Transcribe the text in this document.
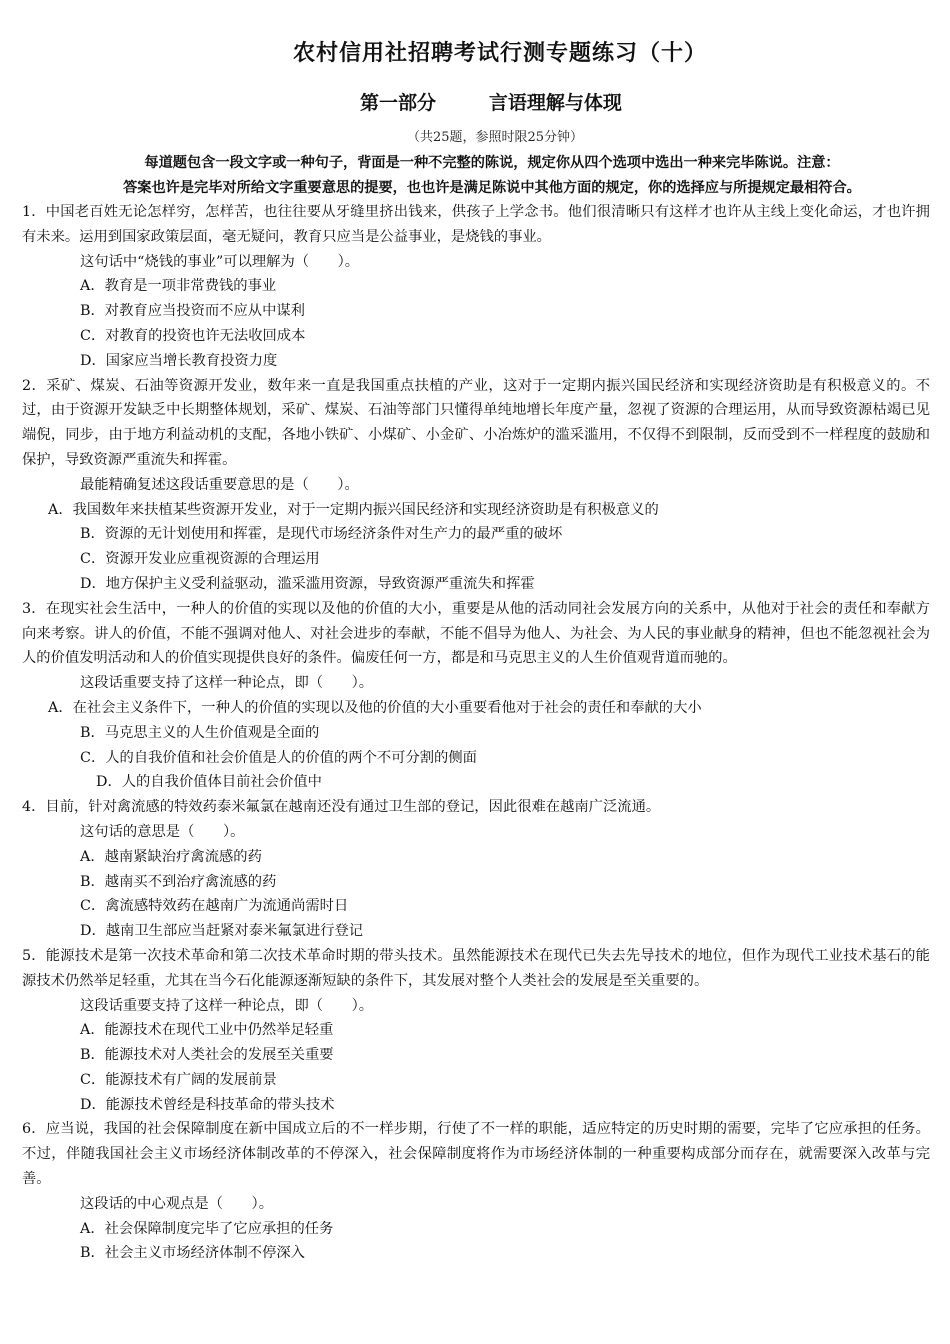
农村信用社招聘考试行测专题练习（十）
第一部分        言语理解与体现
（共25题，参照时限25分钟）
每道题包含一段文字或一种句子，背面是一种不完整的陈说，规定你从四个选项中选出一种来完毕陈说。注意：
答案也许是完毕对所给文字重要意思的提要，也也许是满足陈说中其他方面的规定，你的选择应与所提规定最相符合。
1．中国老百姓无论怎样穷，怎样苦，也往往要从牙缝里挤出钱来，供孩子上学念书。他们很清晰只有这样才也许从主线上变化命运，才也许拥有未来。运用到国家政策层面，毫无疑问，教育只应当是公益事业，是烧钱的事业。
这句话中“烧钱的事业”可以理解为（　　）。
A．教育是一项非常费钱的事业
B．对教育应当投资而不应从中谋利
C．对教育的投资也许无法收回成本
D．国家应当增长教育投资力度
2．采矿、煤炭、石油等资源开发业，数年来一直是我国重点扶植的产业，这对于一定期内振兴国民经济和实现经济资助是有积极意义的。不过，由于资源开发缺乏中长期整体规划，采矿、煤炭、石油等部门只懂得单纯地增长年度产量，忽视了资源的合理运用，从而导致资源枯竭已见端倪，同步，由于地方利益动机的支配，各地小铁矿、小煤矿、小金矿、小冶炼炉的滥采滥用，不仅得不到限制，反而受到不一样程度的鼓励和保护，导致资源严重流失和挥霍。
最能精确复述这段话重要意思的是（　　）。
A．我国数年来扶植某些资源开发业，对于一定期内振兴国民经济和实现经济资助是有积极意义的
B．资源的无计划使用和挥霍，是现代市场经济条件对生产力的最严重的破坏
C．资源开发业应重视资源的合理运用
D．地方保护主义受利益驱动，滥采滥用资源，导致资源严重流失和挥霍
3．在现实社会生活中，一种人的价值的实现以及他的价值的大小，重要是从他的活动同社会发展方向的关系中，从他对于社会的责任和奉献方向来考察。讲人的价值，不能不强调对他人、对社会进步的奉献，不能不倡导为他人、为社会、为人民的事业献身的精神，但也不能忽视社会为人的价值发明活动和人的价值实现提供良好的条件。偏废任何一方，都是和马克思主义的人生价值观背道而驰的。
这段话重要支持了这样一种论点，即（　　）。
A．在社会主义条件下，一种人的价值的实现以及他的价值的大小重要看他对于社会的责任和奉献的大小
B．马克思主义的人生价值观是全面的
C．人的自我价值和社会价值是人的价值的两个不可分割的侧面
D．人的自我价值体目前社会价值中
4．目前，针对禽流感的特效药泰米氟氯在越南还没有通过卫生部的登记，因此很难在越南广泛流通。
这句话的意思是（　　）。
A．越南紧缺治疗禽流感的药
B．越南买不到治疗禽流感的药
C．禽流感特效药在越南广为流通尚需时日
D．越南卫生部应当赶紧对泰米氟氯进行登记
5．能源技术是第一次技术革命和第二次技术革命时期的带头技术。虽然能源技术在现代已失去先导技术的地位，但作为现代工业技术基石的能源技术仍然举足轻重，尤其在当今石化能源逐渐短缺的条件下，其发展对整个人类社会的发展是至关重要的。
这段话重要支持了这样一种论点，即（　　）。
A．能源技术在现代工业中仍然举足轻重
B．能源技术对人类社会的发展至关重要
C．能源技术有广阔的发展前景
D．能源技术曾经是科技革命的带头技术
6．应当说，我国的社会保障制度在新中国成立后的不一样步期，行使了不一样的职能，适应特定的历史时期的需要，完毕了它应承担的任务。不过，伴随我国社会主义市场经济体制改革的不停深入，社会保障制度将作为市场经济体制的一种重要构成部分而存在，就需要深入改革与完善。
这段话的中心观点是（　　）。
A．社会保障制度完毕了它应承担的任务
B．社会主义市场经济体制不停深入
